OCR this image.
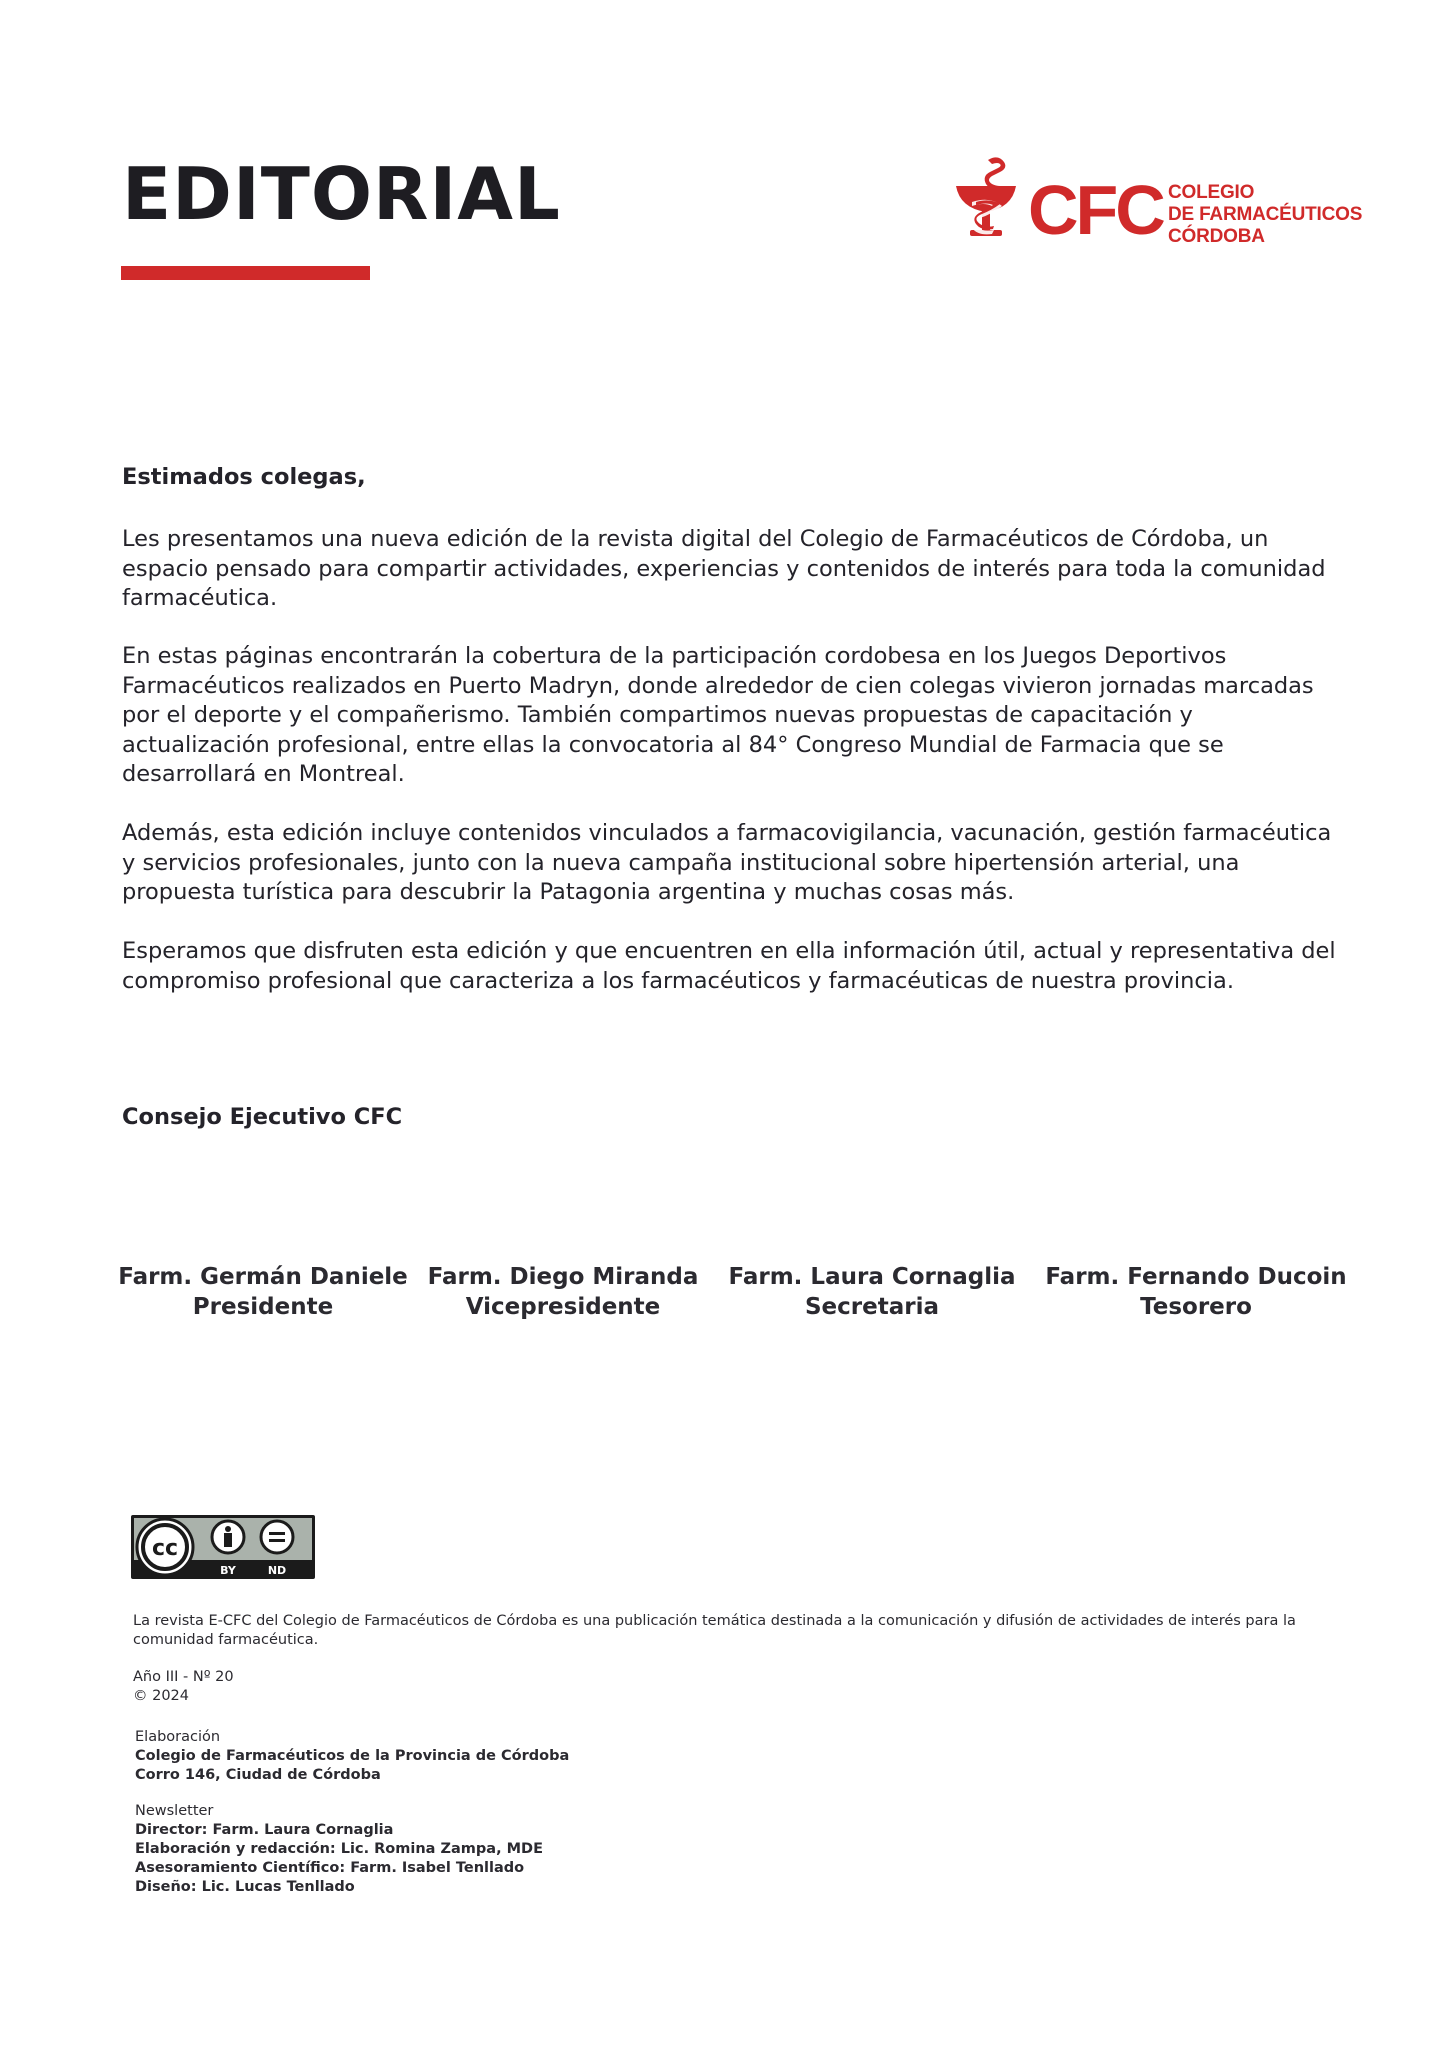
EDITORIAL	CFC COLEGIO
DE FARMACÉUTICOS
CÓRDOBA
Estimados colegas,
Les presentamos una nueva edición de la revista digital del Colegio de Farmacéuticos de Córdoba, un espacio pensado para compartir actividades, experiencias y contenidos de interés para toda la comunidad farmacéutica.
En estas páginas encontrarán la cobertura de la participación cordobesa en los Juegos Deportivos Farmacéuticos realizados en Puerto Madryn, donde alrededor de cien colegas vivieron jornadas marcadas por el deporte y el compañerismo. También compartimos nuevas propuestas de capacitación y actualización profesional, entre ellas la convocatoria al 84° Congreso Mundial de Farmacia que se desarrollará en Montreal.
Además, esta edición incluye contenidos vinculados a farmacovigilancia, vacunación, gestión farmacéutica y servicios profesionales, junto con la nueva campaña institucional sobre hipertensión arterial, una propuesta turística para descubrir la Patagonia argentina y muchas cosas más.
Esperamos que disfruten esta edición y que encuentren en ella información útil, actual y representativa del compromiso profesional que caracteriza a los farmacéuticos y farmacéuticas de nuestra provincia.
Consejo Ejecutivo CFC
Farm. Germán Daniele
Presidente
Farm. Diego Miranda
Vicepresidente
Farm. Laura Cornaglia
Secretaria
Farm. Fernando Ducoin
Tesorero
cc
BY	ND
La revista E-CFC del Colegio de Farmacéuticos de Córdoba es una publicación temática destinada a la comunicación y difusión de actividades de interés para la comunidad farmacéutica.
Año III - Nº 20
© 2024
Elaboración
Colegio de Farmacéuticos de la Provincia de Córdoba
Corro 146, Ciudad de Córdoba
Newsletter
Director: Farm. Laura Cornaglia
Elaboración y redacción: Lic. Romina Zampa, MDE
Asesoramiento Científico: Farm. Isabel Tenllado
Diseño: Lic. Lucas Tenllado
